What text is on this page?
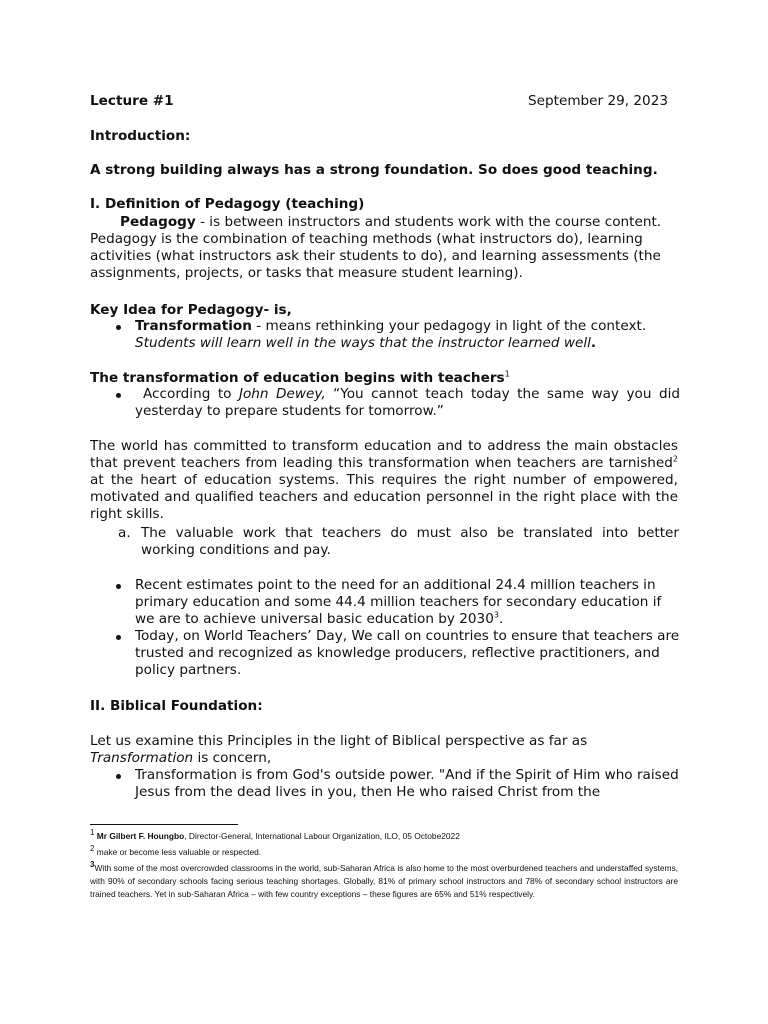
Lecture #1	September 29, 2023
Introduction:
A strong building always has a strong foundation. So does good teaching.
I. Definition of Pedagogy (teaching)
Pedagogy - is between instructors and students work with the course content.
Pedagogy is the combination of teaching methods (what instructors do), learning activities (what instructors ask their students to do), and learning assessments (the assignments, projects, or tasks that measure student learning).
Key Idea for Pedagogy- is,
Transformation - means rethinking your pedagogy in light of the context.
Students will learn well in the ways that the instructor learned well.
The transformation of education begins with teachers$^1$
According to John Dewey, “You cannot teach today the same way you did yesterday to prepare students for tomorrow.”
The world has committed to transform education and to address the main obstacles that prevent teachers from leading this transformation when teachers are tarnished$^2$ at the heart of education systems. This requires the right number of empowered, motivated and qualified teachers and education personnel in the right place with the right skills.
a. The valuable work that teachers do must also be translated into better working conditions and pay.
Recent estimates point to the need for an additional 24.4 million teachers in primary education and some 44.4 million teachers for secondary education if we are to achieve universal basic education by 2030$^3$.
Today, on World Teachers’ Day, We call on countries to ensure that teachers are trusted and recognized as knowledge producers, reflective practitioners, and policy partners.
II. Biblical Foundation:
Let us examine this Principles in the light of Biblical perspective as far as
Transformation is concern,
Transformation is from God's outside power. "And if the Spirit of Him who raised Jesus from the dead lives in you, then He who raised Christ from the
$^1$ Mr Gilbert F. Houngbo, Director-General, International Labour Organization, ILO, 05 Octobe2022
$^2$ make or become less valuable or respected.
$^3$With some of the most overcrowded classrooms in the world, sub-Saharan Africa is also home to the most overburdened teachers and understaffed systems, with 90% of secondary schools facing serious teaching shortages. Globally, 81% of primary school instructors and 78% of secondary school instructors are trained teachers. Yet in sub-Saharan Africa – with few country exceptions – these figures are 65% and 51% respectively.
